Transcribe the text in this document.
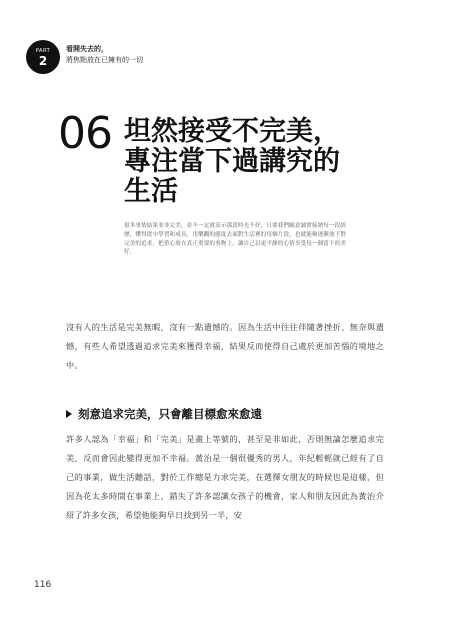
PART
2
看開失去的，
將焦點放在已擁有的一切
06 坦然接受不完美，
專注當下過講究的
生活
很多事情結果並非完美，並不一定就表示那段時光不好，只要我們願意誠實接納每一段經歷，懂得從中學習和成長，用樂觀的態度去面對生活裡的每個片段，也就能夠逐漸放下對完美的追求，把重心放在真正重要的事物上，讓自己以更平靜的心情享受每一個當下的美好。
沒有人的生活是完美無暇，沒有一點遺憾的。因為生活中往往伴隨著挫折、無奈與遺憾，有些人希望透過追求完美來獲得幸福，結果反而使得自己處於更加苦惱的境地之中。
刻意追求完美，只會離目標愈來愈遠
許多人認為「幸福」和「完美」是畫上等號的，甚至是非如此，否則無論怎麼追求完美，反而會因此變得更加不幸福。黃治是一個很優秀的男人，年紀輕輕就已經有了自己的事業，做生活聽話，對於工作總是力求完美，在選擇女朋友的時候也是這樣，但因為花太多時間在事業上，錯失了許多認識女孩子的機會，家人和朋友因此為黃治介紹了許多女孩，希望他能夠早日找到另一半，安
116
